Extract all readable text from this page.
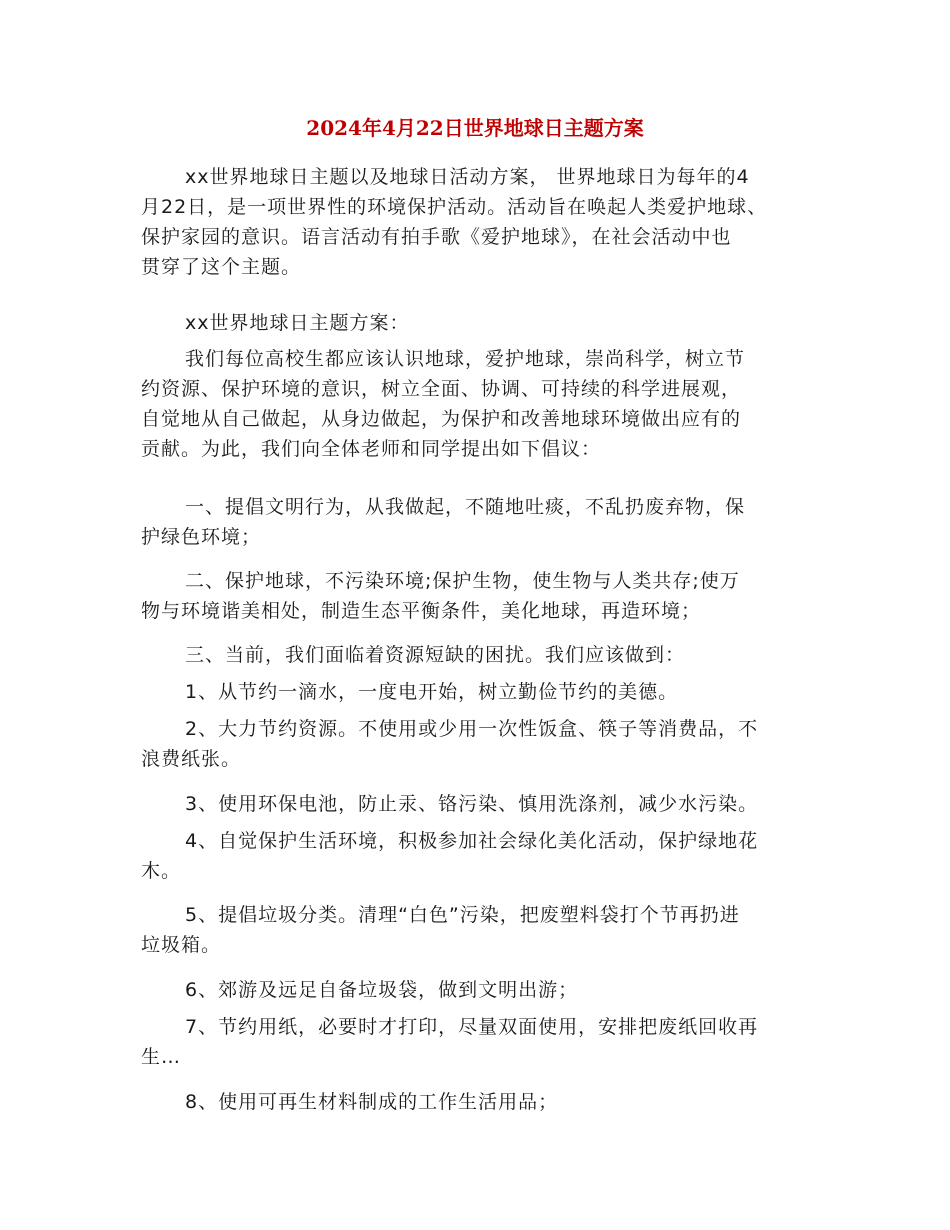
2024年4月22日世界地球日主题方案
xx世界地球日主题以及地球日活动方案， 世界地球日为每年的4
月22日，是一项世界性的环境保护活动。活动旨在唤起人类爱护地球、
保护家园的意识。语言活动有拍手歌《爱护地球》，在社会活动中也
贯穿了这个主题。
xx世界地球日主题方案：
我们每位高校生都应该认识地球，爱护地球，崇尚科学，树立节
约资源、保护环境的意识，树立全面、协调、可持续的科学进展观，
自觉地从自己做起，从身边做起，为保护和改善地球环境做出应有的
贡献。为此，我们向全体老师和同学提出如下倡议：
一、提倡文明行为，从我做起，不随地吐痰，不乱扔废弃物，保
护绿色环境；
二、保护地球，不污染环境;保护生物，使生物与人类共存;使万
物与环境谐美相处，制造生态平衡条件，美化地球，再造环境；
三、当前，我们面临着资源短缺的困扰。我们应该做到：
1、从节约一滴水，一度电开始，树立勤俭节约的美德。
2、大力节约资源。不使用或少用一次性饭盒、筷子等消费品，不
浪费纸张。
3、使用环保电池，防止汞、铬污染、慎用洗涤剂，减少水污染。
4、自觉保护生活环境，积极参加社会绿化美化活动，保护绿地花
木。
5、提倡垃圾分类。清理“白色”污染，把废塑料袋打个节再扔进
垃圾箱。
6、郊游及远足自备垃圾袋，做到文明出游；
7、节约用纸，必要时才打印，尽量双面使用，安排把废纸回收再
生…
8、使用可再生材料制成的工作生活用品；
